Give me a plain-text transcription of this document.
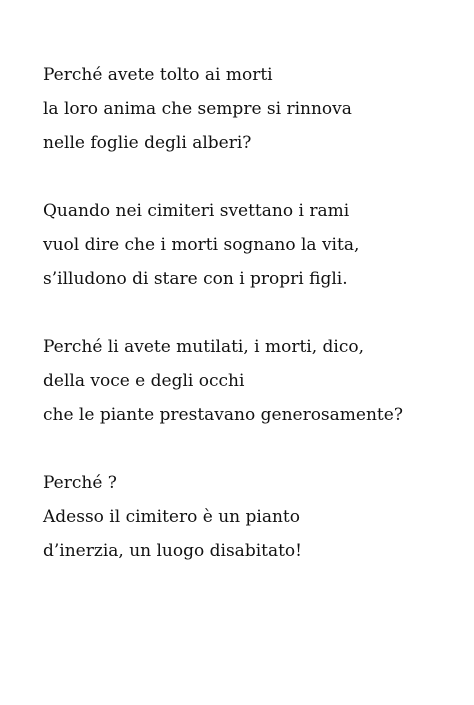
Perché avete tolto ai morti
la loro anima che sempre si rinnova
nelle foglie degli alberi?
Quando nei cimiteri svettano i rami
vuol dire che i morti sognano la vita,
s’illudono di stare con i propri figli.
Perché li avete mutilati, i morti, dico,
della voce e degli occhi
che le piante prestavano generosamente?
Perché ?
Adesso il cimitero è un pianto
d’inerzia, un luogo disabitato!
